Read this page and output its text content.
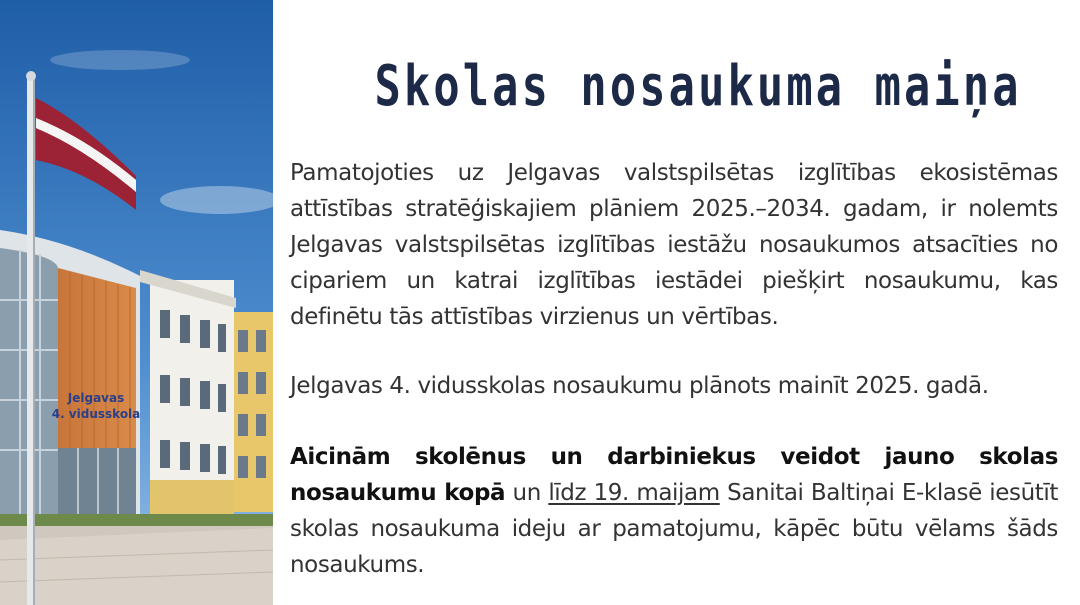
Jelgavas
4. vidusskola
Skolas nosaukuma maiņa

Pamatojoties uz Jelgavas valstspilsētas izglītības ekosistēmas attīstības stratēģiskajiem plāniem 2025.–2034. gadam, ir nolemts Jelgavas valstspilsētas izglītības iestāžu nosaukumos atsacīties no cipariem un katrai izglītības iestādei piešķirt nosaukumu, kas definētu tās attīstības virzienus un vērtības.

Jelgavas 4. vidusskolas nosaukumu plānots mainīt 2025. gadā.

Aicinām skolēnus un darbiniekus veidot jauno skolas nosaukumu kopā un līdz 19. maijam Sanitai Baltiņai E-klasē iesūtīt skolas nosaukuma ideju ar pamatojumu, kāpēc būtu vēlams šāds nosaukums.
